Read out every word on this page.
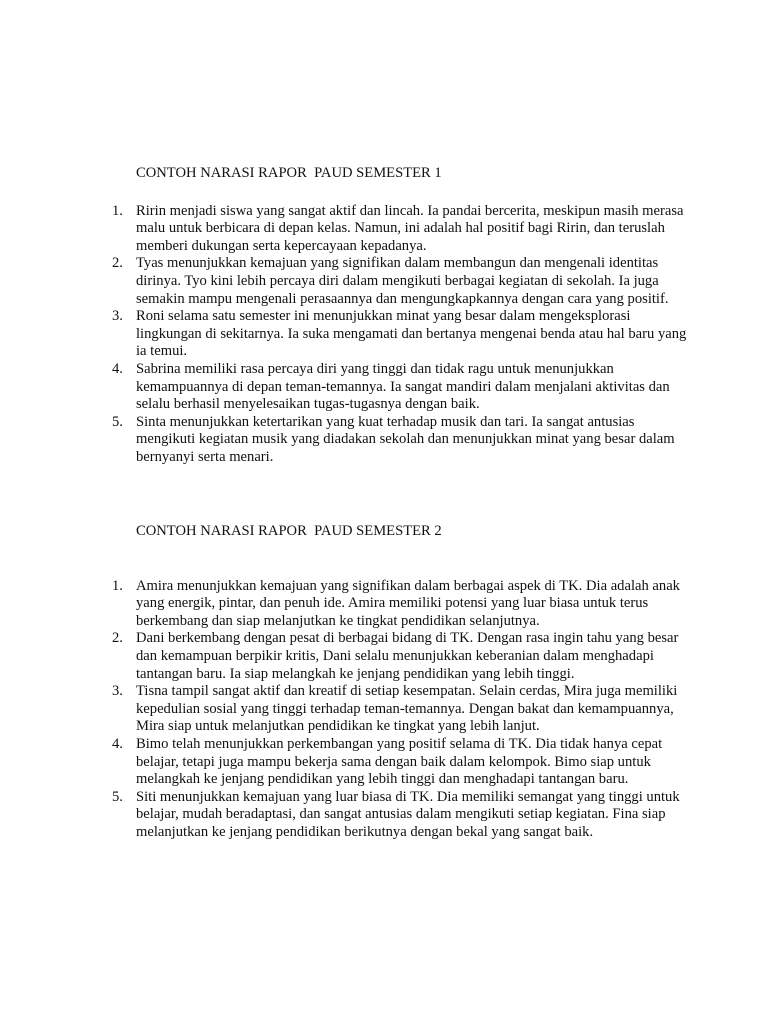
CONTOH NARASI RAPOR  PAUD SEMESTER 1
1. Ririn menjadi siswa yang sangat aktif dan lincah. Ia pandai bercerita, meskipun masih merasa malu untuk berbicara di depan kelas. Namun, ini adalah hal positif bagi Ririn, dan teruslah memberi dukungan serta kepercayaan kepadanya.
2. Tyas menunjukkan kemajuan yang signifikan dalam membangun dan mengenali identitas dirinya. Tyo kini lebih percaya diri dalam mengikuti berbagai kegiatan di sekolah. Ia juga semakin mampu mengenali perasaannya dan mengungkapkannya dengan cara yang positif.
3. Roni selama satu semester ini menunjukkan minat yang besar dalam mengeksplorasi lingkungan di sekitarnya. Ia suka mengamati dan bertanya mengenai benda atau hal baru yang ia temui.
4. Sabrina memiliki rasa percaya diri yang tinggi dan tidak ragu untuk menunjukkan kemampuannya di depan teman-temannya. Ia sangat mandiri dalam menjalani aktivitas dan selalu berhasil menyelesaikan tugas-tugasnya dengan baik.
5. Sinta menunjukkan ketertarikan yang kuat terhadap musik dan tari. Ia sangat antusias mengikuti kegiatan musik yang diadakan sekolah dan menunjukkan minat yang besar dalam bernyanyi serta menari.
CONTOH NARASI RAPOR  PAUD SEMESTER 2
1. Amira menunjukkan kemajuan yang signifikan dalam berbagai aspek di TK. Dia adalah anak yang energik, pintar, dan penuh ide. Amira memiliki potensi yang luar biasa untuk terus berkembang dan siap melanjutkan ke tingkat pendidikan selanjutnya.
2. Dani berkembang dengan pesat di berbagai bidang di TK. Dengan rasa ingin tahu yang besar dan kemampuan berpikir kritis, Dani selalu menunjukkan keberanian dalam menghadapi tantangan baru. Ia siap melangkah ke jenjang pendidikan yang lebih tinggi.
3. Tisna tampil sangat aktif dan kreatif di setiap kesempatan. Selain cerdas, Mira juga memiliki kepedulian sosial yang tinggi terhadap teman-temannya. Dengan bakat dan kemampuannya, Mira siap untuk melanjutkan pendidikan ke tingkat yang lebih lanjut.
4. Bimo telah menunjukkan perkembangan yang positif selama di TK. Dia tidak hanya cepat belajar, tetapi juga mampu bekerja sama dengan baik dalam kelompok. Bimo siap untuk melangkah ke jenjang pendidikan yang lebih tinggi dan menghadapi tantangan baru.
5. Siti menunjukkan kemajuan yang luar biasa di TK. Dia memiliki semangat yang tinggi untuk belajar, mudah beradaptasi, dan sangat antusias dalam mengikuti setiap kegiatan. Fina siap melanjutkan ke jenjang pendidikan berikutnya dengan bekal yang sangat baik.
